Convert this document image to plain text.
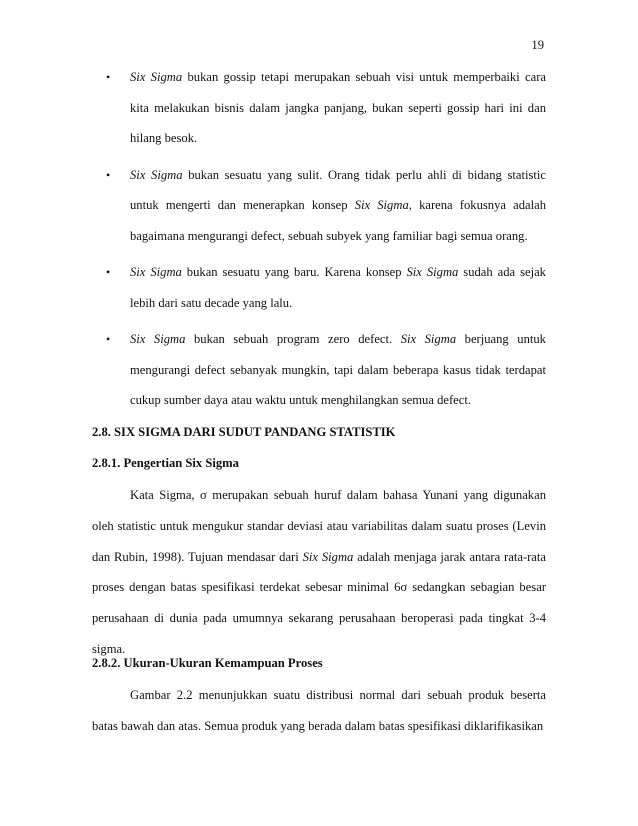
19
• Six Sigma bukan gossip tetapi merupakan sebuah visi untuk memperbaiki cara kita melakukan bisnis dalam jangka panjang, bukan seperti gossip hari ini dan hilang besok.
• Six Sigma bukan sesuatu yang sulit. Orang tidak perlu ahli di bidang statistic untuk mengerti dan menerapkan konsep Six Sigma, karena fokusnya adalah bagaimana mengurangi defect, sebuah subyek yang familiar bagi semua orang.
• Six Sigma bukan sesuatu yang baru. Karena konsep Six Sigma sudah ada sejak lebih dari satu decade yang lalu.
• Six Sigma bukan sebuah program zero defect. Six Sigma berjuang untuk mengurangi defect sebanyak mungkin, tapi dalam beberapa kasus tidak terdapat cukup sumber daya atau waktu untuk menghilangkan semua defect.

2.8. SIX SIGMA DARI SUDUT PANDANG STATISTIK

2.8.1. Pengertian Six Sigma

Kata Sigma, σ merupakan sebuah huruf dalam bahasa Yunani yang digunakan oleh statistic untuk mengukur standar deviasi atau variabilitas dalam suatu proses (Levin dan Rubin, 1998). Tujuan mendasar dari Six Sigma adalah menjaga jarak antara rata-rata proses dengan batas spesifikasi terdekat sebesar minimal 6σ sedangkan sebagian besar perusahaan di dunia pada umumnya sekarang perusahaan beroperasi pada tingkat 3-4 sigma.

2.8.2. Ukuran-Ukuran Kemampuan Proses

Gambar 2.2 menunjukkan suatu distribusi normal dari sebuah produk beserta batas bawah dan atas. Semua produk yang berada dalam batas spesifikasi diklarifikasikan
